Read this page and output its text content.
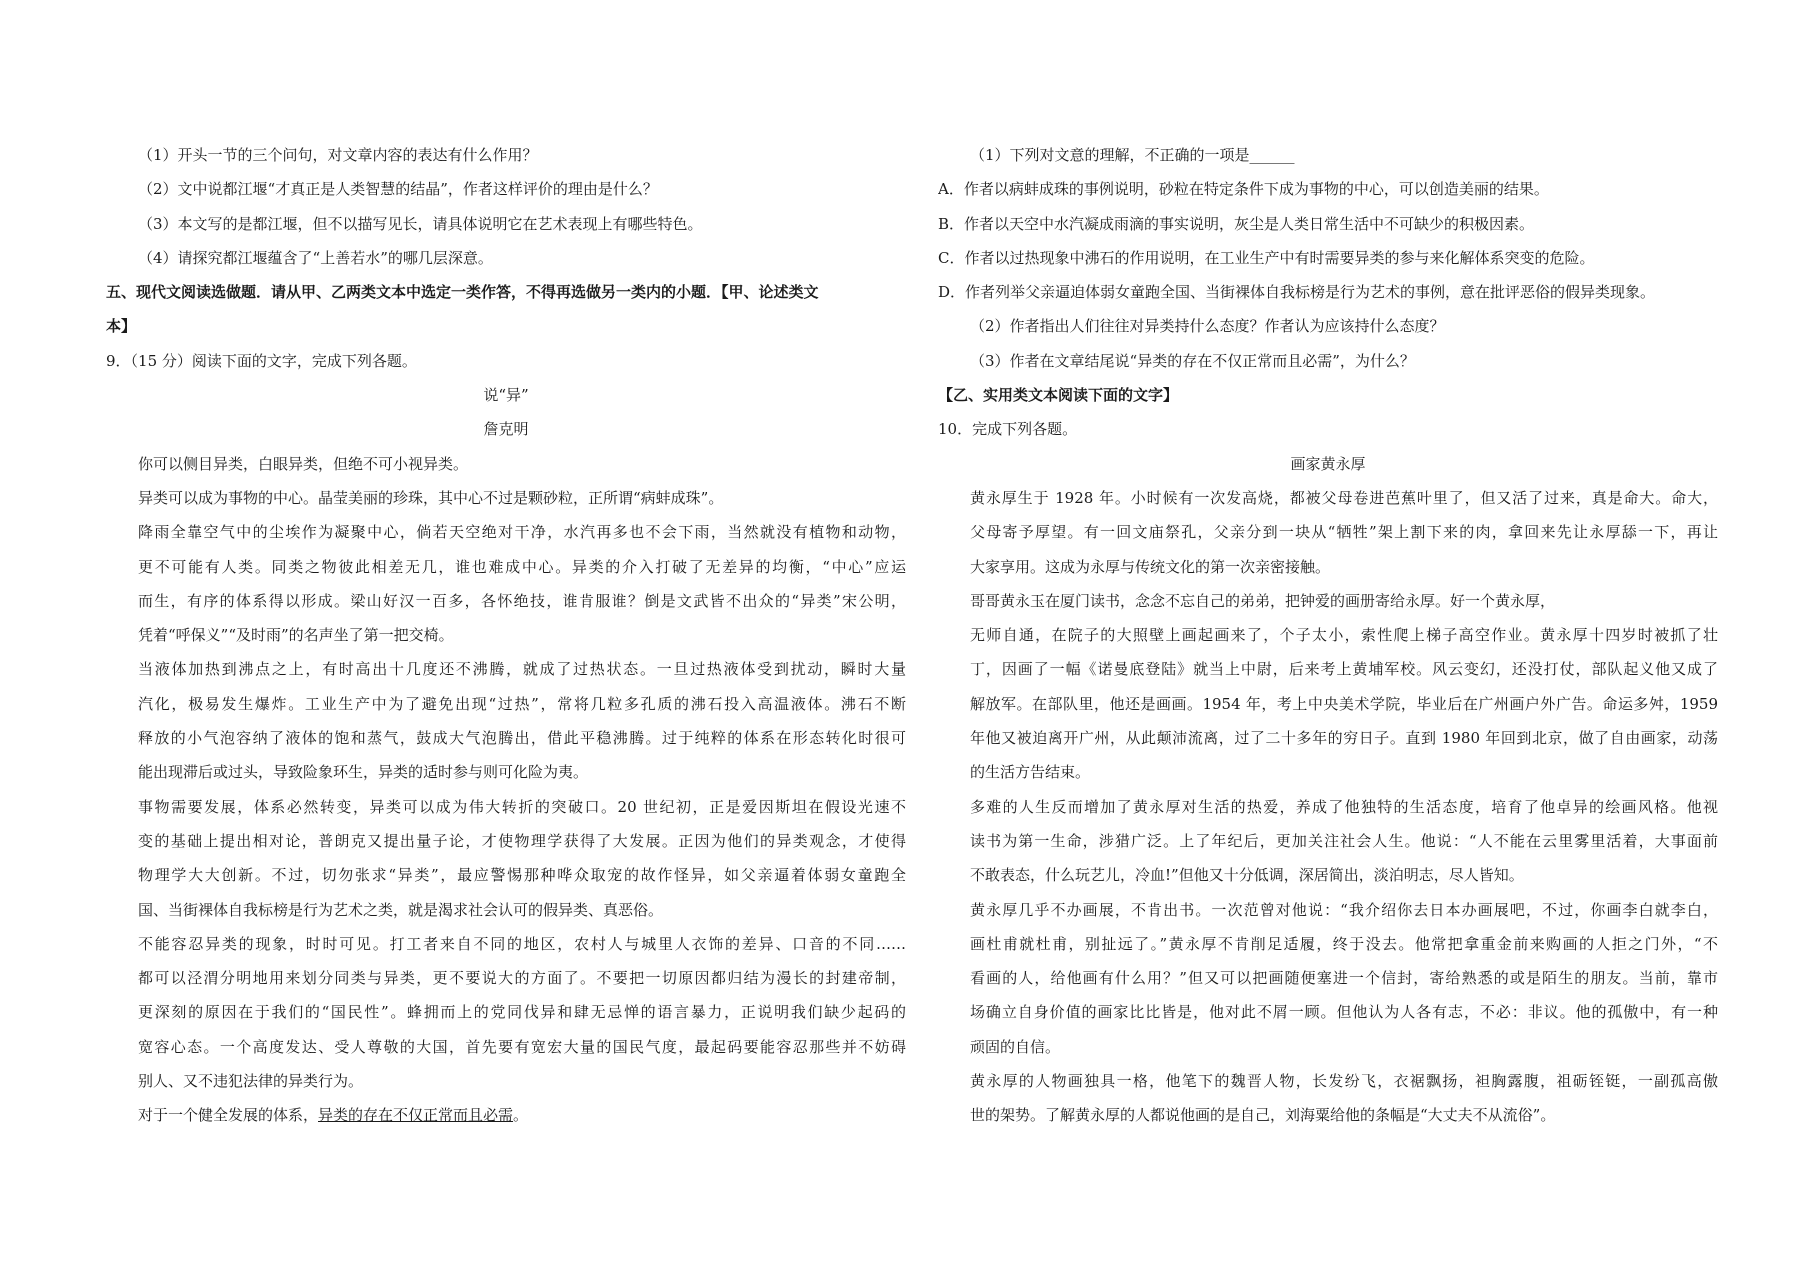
（1）开头一节的三个问句，对文章内容的表达有什么作用？
（2）文中说都江堰“才真正是人类智慧的结晶”，作者这样评价的理由是什么？
（3）本文写的是都江堰，但不以描写见长，请具体说明它在艺术表现上有哪些特色。
（4）请探究都江堰蕴含了“上善若水”的哪几层深意。
五、现代文阅读选做题．请从甲、乙两类文本中选定一类作答，不得再选做另一类内的小题．【甲、论述类文
本】
9．（15 分）阅读下面的文字，完成下列各题。
说“异”
詹克明
你可以侧目异类，白眼异类，但绝不可小视异类。
异类可以成为事物的中心。晶莹美丽的珍珠，其中心不过是颗砂粒，正所谓“病蚌成珠”。
降雨全靠空气中的尘埃作为凝聚中心，倘若天空绝对干净，水汽再多也不会下雨，当然就没有植物和动物，
更不可能有人类。同类之物彼此相差无几，谁也难成中心。异类的介入打破了无差异的均衡，“中心”应运
而生，有序的体系得以形成。梁山好汉一百多，各怀绝技，谁肯服谁？倒是文武皆不出众的“异类”宋公明，
凭着“呼保义”“及时雨”的名声坐了第一把交椅。
当液体加热到沸点之上，有时高出十几度还不沸腾，就成了过热状态。一旦过热液体受到扰动，瞬时大量
汽化，极易发生爆炸。工业生产中为了避免出现“过热”，常将几粒多孔质的沸石投入高温液体。沸石不断
释放的小气泡容纳了液体的饱和蒸气，鼓成大气泡腾出，借此平稳沸腾。过于纯粹的体系在形态转化时很可
能出现滞后或过头，导致险象环生，异类的适时参与则可化险为夷。
事物需要发展，体系必然转变，异类可以成为伟大转折的突破口。20 世纪初，正是爱因斯坦在假设光速不
变的基础上提出相对论，普朗克又提出量子论，才使物理学获得了大发展。正因为他们的异类观念，才使得
物理学大大创新。不过，切勿张求“异类”，最应警惕那种哗众取宠的故作怪异，如父亲逼着体弱女童跑全
国、当街裸体自我标榜是行为艺术之类，就是渴求社会认可的假异类、真恶俗。
不能容忍异类的现象，时时可见。打工者来自不同的地区，农村人与城里人衣饰的差异、口音的不同……
都可以泾渭分明地用来划分同类与异类，更不要说大的方面了。不要把一切原因都归结为漫长的封建帝制，
更深刻的原因在于我们的“国民性”。蜂拥而上的党同伐异和肆无忌惮的语言暴力，正说明我们缺少起码的
宽容心态。一个高度发达、受人尊敬的大国，首先要有宽宏大量的国民气度，最起码要能容忍那些并不妨碍
别人、又不违犯法律的异类行为。
对于一个健全发展的体系，异类的存在不仅正常而且必需。
（1）下列对文意的理解，不正确的一项是______
A．作者以病蚌成珠的事例说明，砂粒在特定条件下成为事物的中心，可以创造美丽的结果。
B．作者以天空中水汽凝成雨滴的事实说明，灰尘是人类日常生活中不可缺少的积极因素。
C．作者以过热现象中沸石的作用说明，在工业生产中有时需要异类的参与来化解体系突变的危险。
D．作者列举父亲逼迫体弱女童跑全国、当街裸体自我标榜是行为艺术的事例，意在批评恶俗的假异类现象。
（2）作者指出人们往往对异类持什么态度？作者认为应该持什么态度？
（3）作者在文章结尾说“异类的存在不仅正常而且必需”，为什么？
【乙、实用类文本阅读下面的文字】
10．完成下列各题。
画家黄永厚
黄永厚生于 1928 年。小时候有一次发高烧，都被父母卷进芭蕉叶里了，但又活了过来，真是命大。命大，
父母寄予厚望。有一回文庙祭孔，父亲分到一块从“牺牲”架上割下来的肉，拿回来先让永厚舔一下，再让
大家享用。这成为永厚与传统文化的第一次亲密接触。
哥哥黄永玉在厦门读书，念念不忘自己的弟弟，把钟爱的画册寄给永厚。好一个黄永厚，
无师自通，在院子的大照壁上画起画来了，个子太小，索性爬上梯子高空作业。黄永厚十四岁时被抓了壮
丁，因画了一幅《诺曼底登陆》就当上中尉，后来考上黄埔军校。风云变幻，还没打仗，部队起义他又成了
解放军。在部队里，他还是画画。1954 年，考上中央美术学院，毕业后在广州画户外广告。命运多舛，1959
年他又被迫离开广州，从此颠沛流离，过了二十多年的穷日子。直到 1980 年回到北京，做了自由画家，动荡
的生活方告结束。
多难的人生反而增加了黄永厚对生活的热爱，养成了他独特的生活态度，培育了他卓异的绘画风格。他视
读书为第一生命，涉猎广泛。上了年纪后，更加关注社会人生。他说：“人不能在云里雾里活着，大事面前
不敢表态，什么玩艺儿，冷血!”但他又十分低调，深居简出，淡泊明志，尽人皆知。
黄永厚几乎不办画展，不肯出书。一次范曾对他说：“我介绍你去日本办画展吧，不过，你画李白就李白，
画杜甫就杜甫，别扯远了。”黄永厚不肯削足适履，终于没去。他常把拿重金前来购画的人拒之门外，“不
看画的人，给他画有什么用？”但又可以把画随便塞进一个信封，寄给熟悉的或是陌生的朋友。当前，靠市
场确立自身价值的画家比比皆是，他对此不屑一顾。但他认为人各有志，不必：非议。他的孤傲中，有一种
顽固的自信。
黄永厚的人物画独具一格，他笔下的魏晋人物，长发纷飞，衣裾飘扬，袒胸露腹，祖砺铚铤，一副孤高傲
世的架势。了解黄永厚的人都说他画的是自己，刘海粟给他的条幅是“大丈夫不从流俗”。
